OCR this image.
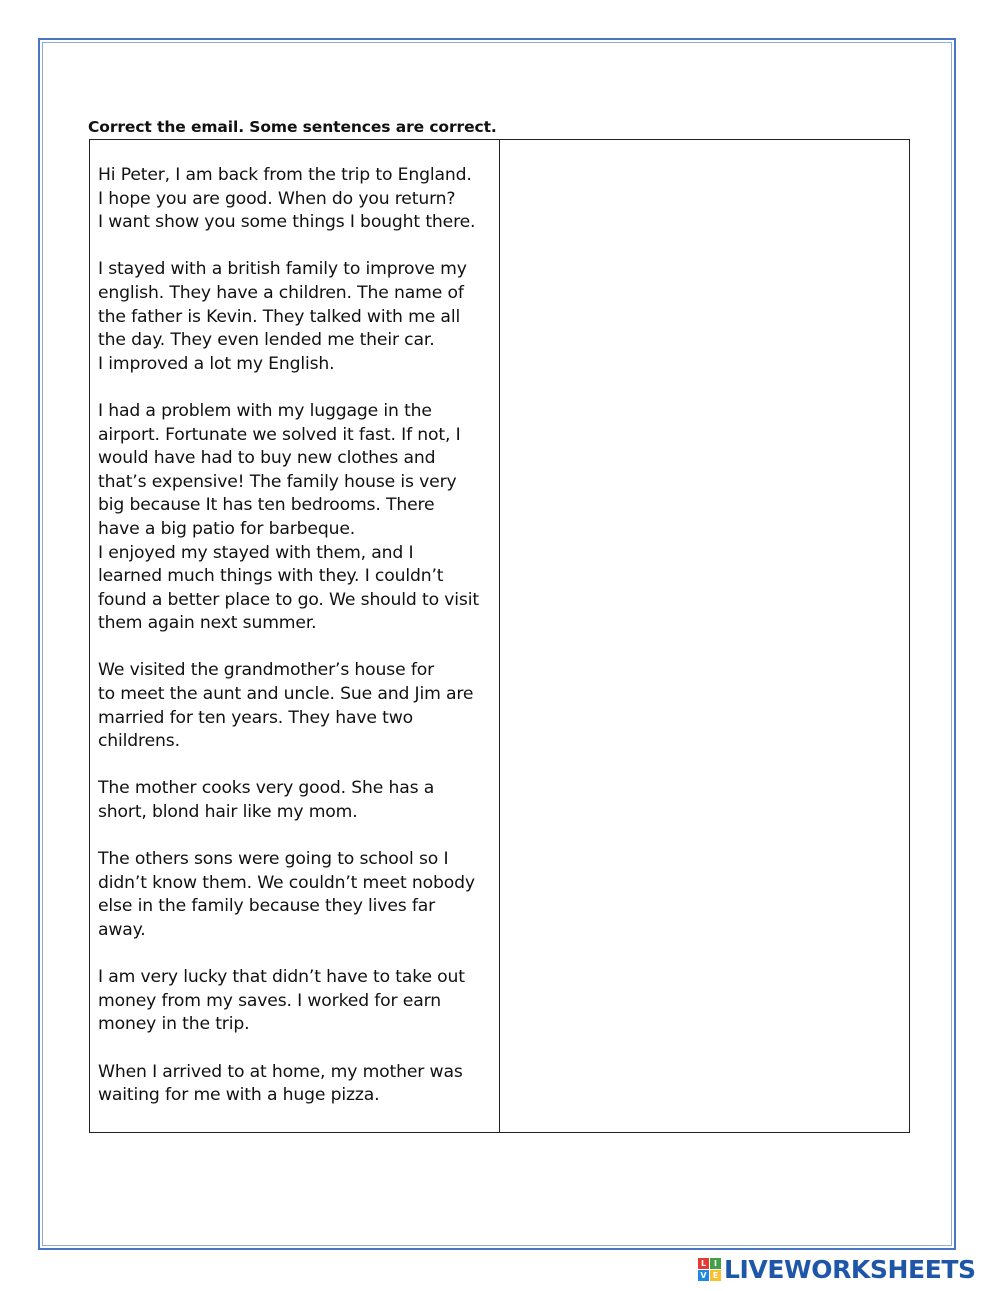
Correct the email. Some sentences are correct.

Hi Peter, I am back from the trip to England.
I hope you are good. When do you return?
I want show you some things I bought there.

I stayed with a british family to improve my
english. They have a children. The name of
the father is Kevin. They talked with me all
the day. They even lended me their car.
I improved a lot my English.

I had a problem with my luggage in the
airport. Fortunate we solved it fast. If not, I
would have had to buy new clothes and
that’s expensive! The family house is very
big because It has ten bedrooms. There
have a big patio for barbeque.
I enjoyed my stayed with them, and I
learned much things with they. I couldn’t
found a better place to go. We should to visit
them again next summer.

We visited the grandmother’s house for
to meet the aunt and uncle. Sue and Jim are
married for ten years. They have two
childrens.

The mother cooks very good. She has a
short, blond hair like my mom.

The others sons were going to school so I
didn’t know them. We couldn’t meet nobody
else in the family because they lives far
away.

I am very lucky that didn’t have to take out
money from my saves. I worked for earn
money in the trip.

When I arrived to at home, my mother was
waiting for me with a huge pizza.

L I
V E LIVEWORKSHEETS
